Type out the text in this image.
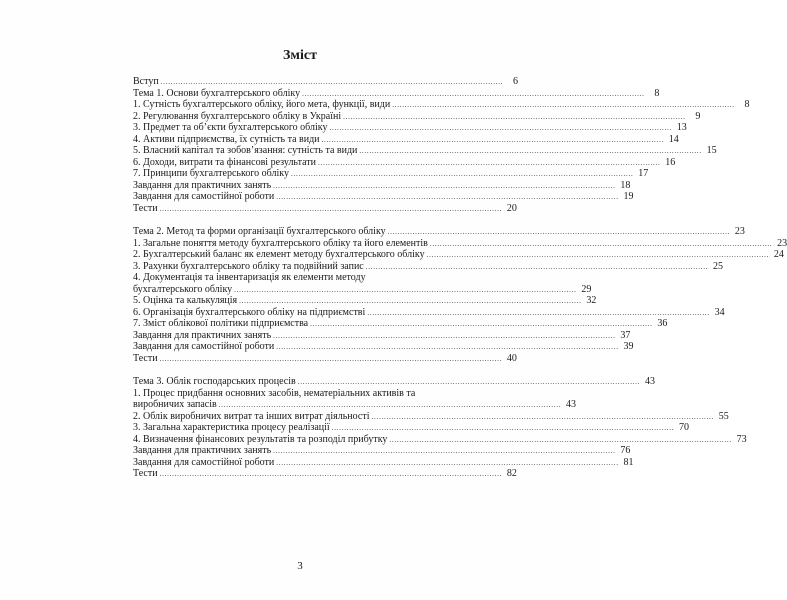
Зміст
Вступ . . .	6
Тема 1. Основи бухгалтерського обліку . . .	8
1. Сутність бухгалтерського обліку, його мета, функції, види . . .	8
2. Регулювання бухгалтерського обліку в Україні . . .	9
3. Предмет та об’єкти бухгалтерського обліку . . .	13
4. Активи підприємства, їх сутність та види . . .	14
5. Власний капітал та зобов’язання: сутність та види . . .	15
6. Доходи, витрати та фінансові результати . . .	16
7. Принципи бухгалтерського обліку . . .	17
Завдання для практичних занять . . .	18
Завдання для самостійної роботи . . .	19
Тести . . .	20
Тема 2. Метод та форми організації бухгалтерського обліку . . .	23
1. Загальне поняття методу бухгалтерського обліку та його елементів . . .	23
2. Бухгалтерський баланс як елемент методу бухгалтерського обліку . . .	24
3. Рахунки бухгалтерського обліку та подвійний запис . . .	25
4. Документація та інвентаризація як елементи методу
бухгалтерського обліку . . .	29
5. Оцінка та калькуляція . . .	32
6. Організація бухгалтерського обліку на підприємстві . . .	34
7. Зміст облікової політики підприємства . . .	36
Завдання для практичних занять . . .	37
Завдання для самостійної роботи . . .	39
Тести . . .	40
Тема 3. Облік господарських процесів . . .	43
1. Процес придбання основних засобів, нематеріальних активів та
виробничих запасів . . .	43
2. Облік виробничих витрат та інших витрат діяльності . . .	55
3. Загальна характеристика процесу реалізації . . .	70
4. Визначення фінансових результатів та розподіл прибутку . . .	73
Завдання для практичних занять . . .	76
Завдання для самостійної роботи . . .	81
Тести . . .	82
3
